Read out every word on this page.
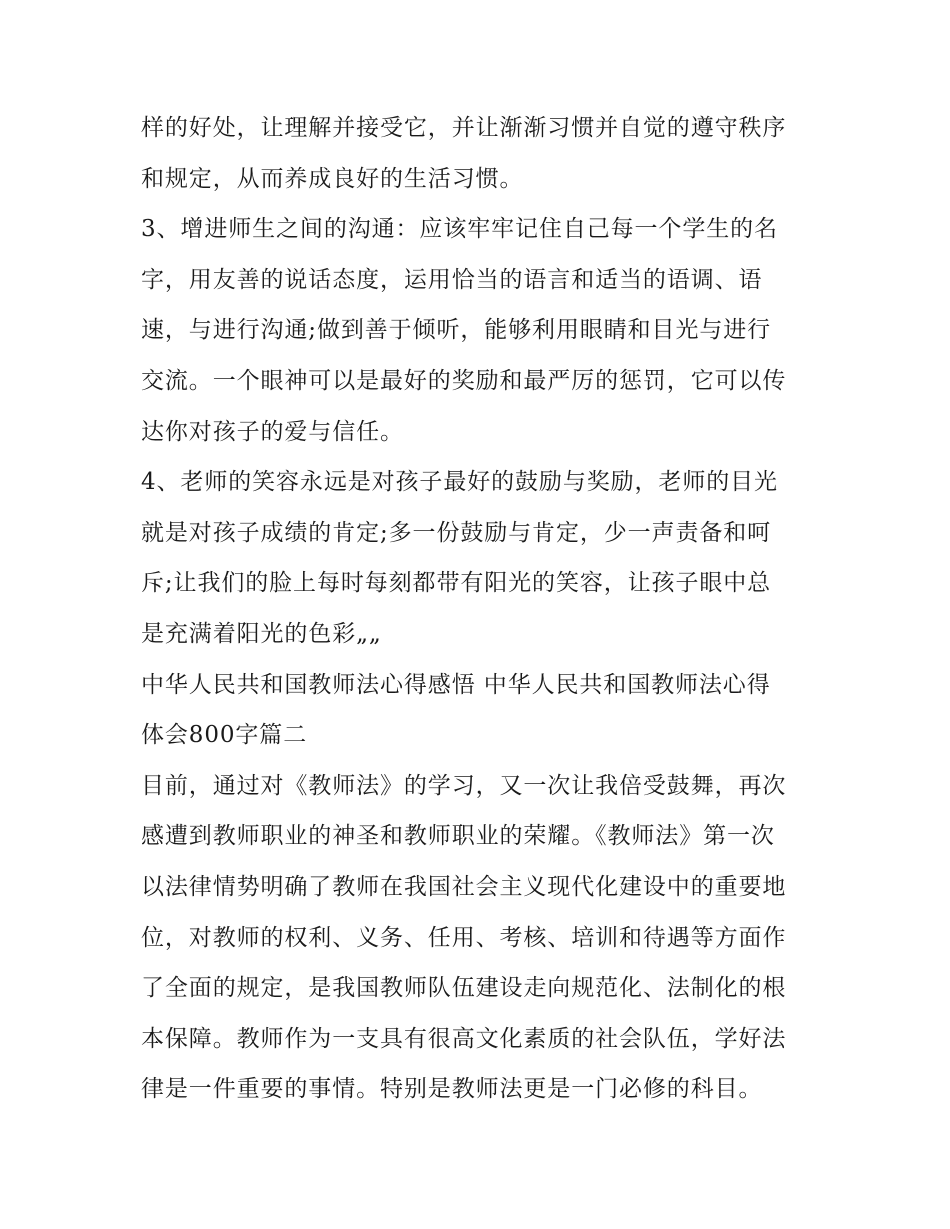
样的好处，让理解并接受它，并让渐渐习惯并自觉的遵守秩序
和规定，从而养成良好的生活习惯。
3、增进师生之间的沟通：应该牢牢记住自己每一个学生的名
字，用友善的说话态度，运用恰当的语言和适当的语调、语
速，与进行沟通;做到善于倾听，能够利用眼睛和目光与进行
交流。一个眼神可以是最好的奖励和最严厉的惩罚，它可以传
达你对孩子的爱与信任。
4、老师的笑容永远是对孩子最好的鼓励与奖励，老师的目光
就是对孩子成绩的肯定;多一份鼓励与肯定，少一声责备和呵
斥;让我们的脸上每时每刻都带有阳光的笑容，让孩子眼中总
是充满着阳光的色彩„„
中华人民共和国教师法心得感悟 中华人民共和国教师法心得
体会800字篇二
目前，通过对《教师法》的学习，又一次让我倍受鼓舞，再次
感遭到教师职业的神圣和教师职业的荣耀。《教师法》第一次
以法律情势明确了教师在我国社会主义现代化建设中的重要地
位，对教师的权利、义务、任用、考核、培训和待遇等方面作
了全面的规定，是我国教师队伍建设走向规范化、法制化的根
本保障。教师作为一支具有很高文化素质的社会队伍，学好法
律是一件重要的事情。特别是教师法更是一门必修的科目。
